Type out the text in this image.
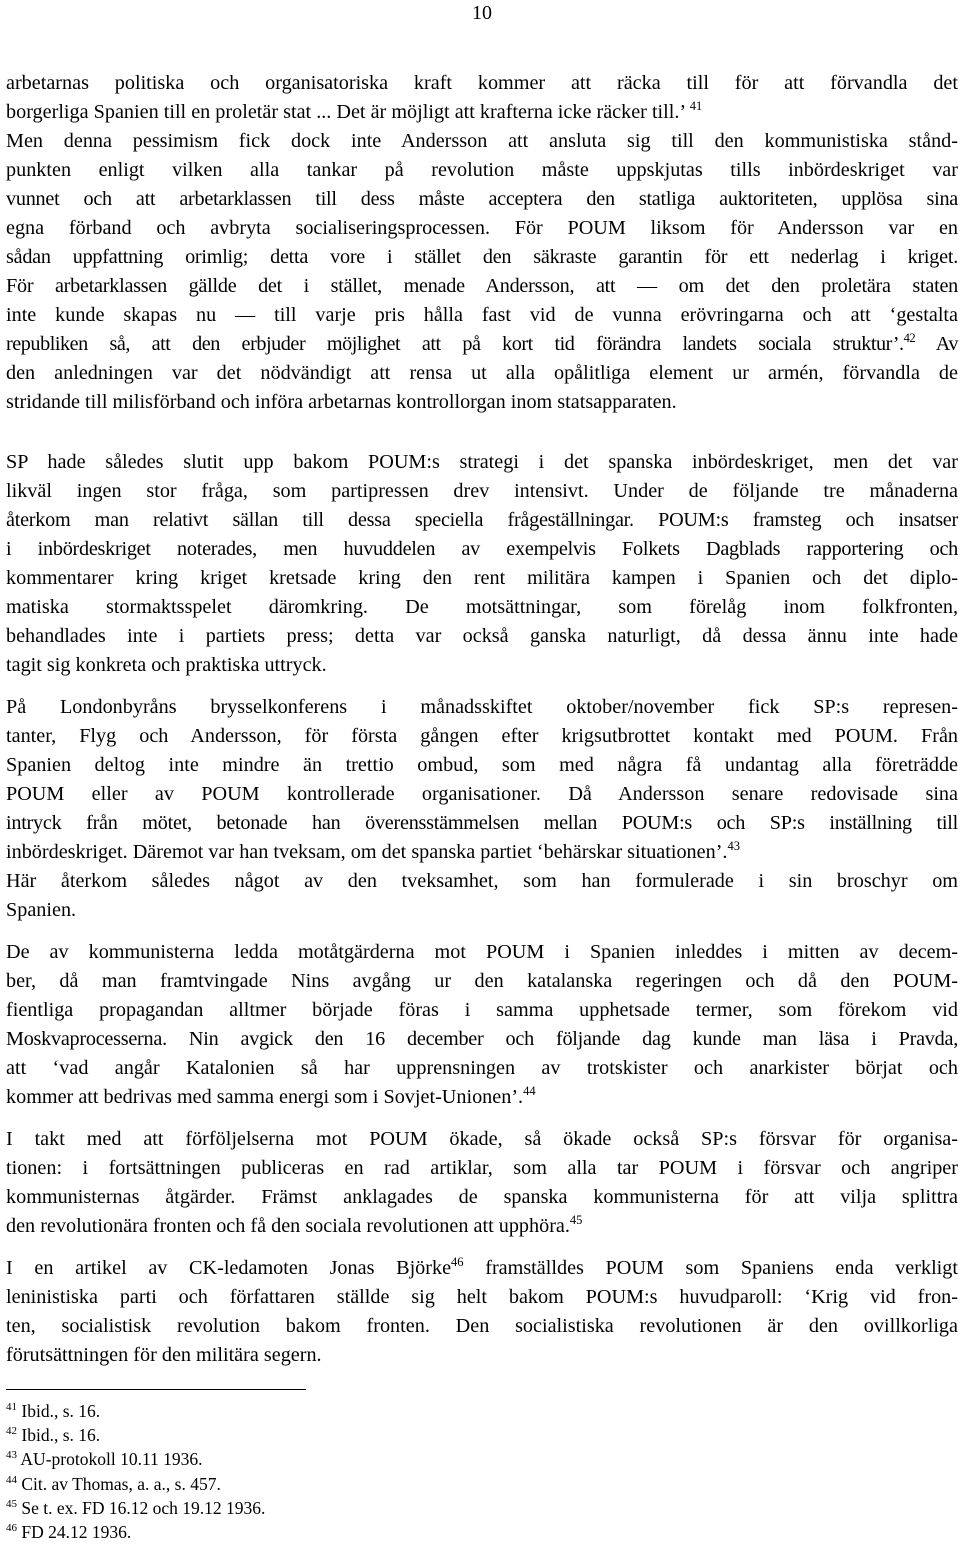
10
arbetarnas politiska och organisatoriska kraft kommer att räcka till för att förvandla det
borgerliga Spanien till en proletär stat ... Det är möjligt att krafterna icke räcker till.’ $^{41}$
Men denna pessimism fick dock inte Andersson att ansluta sig till den kommunistiska stånd-
punkten enligt vilken alla tankar på revolution måste uppskjutas tills inbördeskriget var
vunnet och att arbetarklassen till dess måste acceptera den statliga auktoriteten, upplösa sina
egna förband och avbryta socialiseringsprocessen. För POUM liksom för Andersson var en
sådan uppfattning orimlig; detta vore i stället den säkraste garantin för ett nederlag i kriget.
För arbetarklassen gällde det i stället, menade Andersson, att — om det den proletära staten
inte kunde skapas nu — till varje pris hålla fast vid de vunna erövringarna och att ‘gestalta
republiken så, att den erbjuder möjlighet att på kort tid förändra landets sociala struktur’.$^{42}$ Av
den anledningen var det nödvändigt att rensa ut alla opålitliga element ur armén, förvandla de
stridande till milisförband och införa arbetarnas kontrollorgan inom statsapparaten.
SP hade således slutit upp bakom POUM:s strategi i det spanska inbördeskriget, men det var
likväl ingen stor fråga, som partipressen drev intensivt. Under de följande tre månaderna
återkom man relativt sällan till dessa speciella frågeställningar. POUM:s framsteg och insatser
i inbördeskriget noterades, men huvuddelen av exempelvis Folkets Dagblads rapportering och
kommentarer kring kriget kretsade kring den rent militära kampen i Spanien och det diplo-
matiska stormaktsspelet däromkring. De motsättningar, som förelåg inom folkfronten,
behandlades inte i partiets press; detta var också ganska naturligt, då dessa ännu inte hade
tagit sig konkreta och praktiska uttryck.
På Londonbyråns brysselkonferens i månadsskiftet oktober/november fick SP:s represen-
tanter, Flyg och Andersson, för första gången efter krigsutbrottet kontakt med POUM. Från
Spanien deltog inte mindre än trettio ombud, som med några få undantag alla företrädde
POUM eller av POUM kontrollerade organisationer. Då Andersson senare redovisade sina
intryck från mötet, betonade han överensstämmelsen mellan POUM:s och SP:s inställning till
inbördeskriget. Däremot var han tveksam, om det spanska partiet ‘behärskar situationen’.$^{43}$
Här återkom således något av den tveksamhet, som han formulerade i sin broschyr om
Spanien.
De av kommunisterna ledda motåtgärderna mot POUM i Spanien inleddes i mitten av decem-
ber, då man framtvingade Nins avgång ur den katalanska regeringen och då den POUM-
fientliga propagandan alltmer började föras i samma upphetsade termer, som förekom vid
Moskvaprocesserna. Nin avgick den 16 december och följande dag kunde man läsa i Pravda,
att ‘vad angår Katalonien så har upprensningen av trotskister och anarkister börjat och
kommer att bedrivas med samma energi som i Sovjet-Unionen’.$^{44}$
I takt med att förföljelserna mot POUM ökade, så ökade också SP:s försvar för organisa-
tionen: i fortsättningen publiceras en rad artiklar, som alla tar POUM i försvar och angriper
kommunisternas åtgärder. Främst anklagades de spanska kommunisterna för att vilja splittra
den revolutionära fronten och få den sociala revolutionen att upphöra.$^{45}$
I en artikel av CK-ledamoten Jonas Björke$^{46}$ framställdes POUM som Spaniens enda verkligt
leninistiska parti och författaren ställde sig helt bakom POUM:s huvudparoll: ‘Krig vid fron-
ten, socialistisk revolution bakom fronten. Den socialistiska revolutionen är den ovillkorliga
förutsättningen för den militära segern.
$^{41}$ Ibid., s. 16.
$^{42}$ Ibid., s. 16.
$^{43}$ AU-protokoll 10.11 1936.
$^{44}$ Cit. av Thomas, a. a., s. 457.
$^{45}$ Se t. ex. FD 16.12 och 19.12 1936.
$^{46}$ FD 24.12 1936.
